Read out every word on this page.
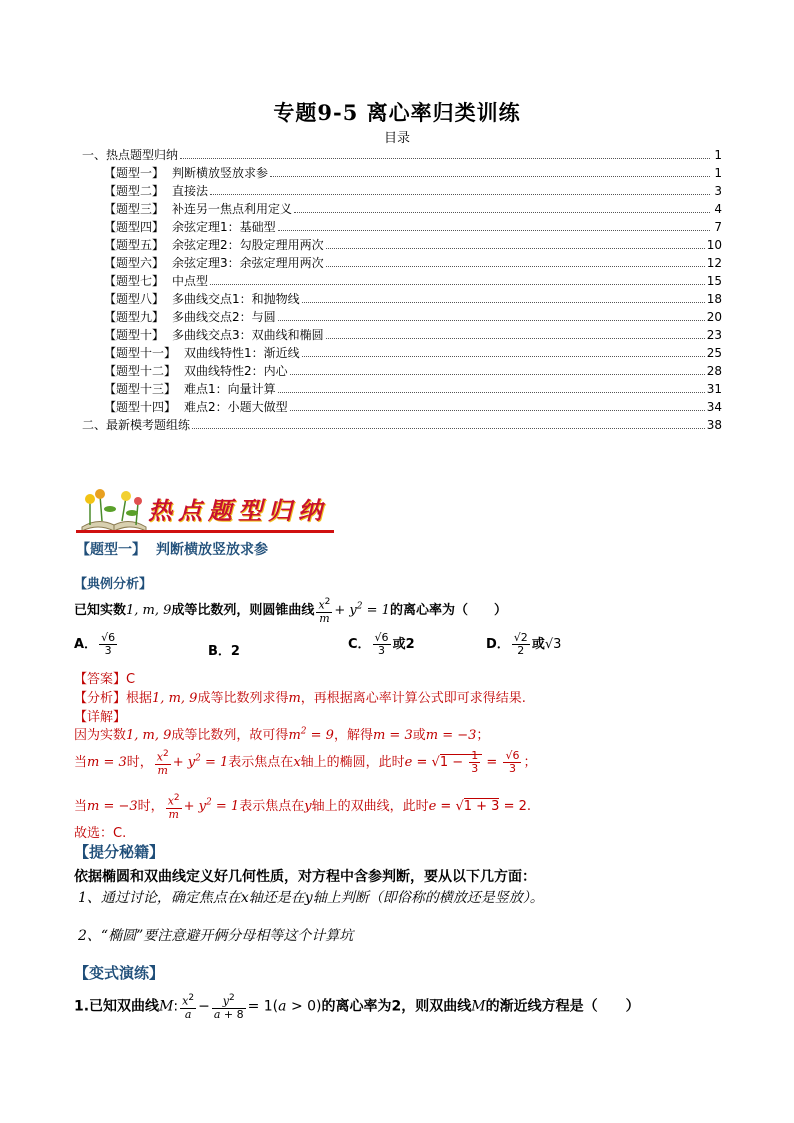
专题9-5 离心率归类训练
目录
一、热点题型归纳	1
【题型一】 判断横放竖放求参	1
【题型二】 直接法	3
【题型三】 补连另一焦点利用定义	4
【题型四】 余弦定理1：基础型	7
【题型五】 余弦定理2：勾股定理用两次	10
【题型六】 余弦定理3：余弦定理用两次	12
【题型七】 中点型	15
【题型八】 多曲线交点1：和抛物线	18
【题型九】 多曲线交点2：与圆	20
【题型十】 多曲线交点3：双曲线和椭圆	23
【题型十一】 双曲线特性1：渐近线	25
【题型十二】 双曲线特性2：内心	28
【题型十三】 难点1：向量计算	31
【题型十四】 难点2：小题大做型	34
二、最新模考题组练	38
热点题型归纳
【题型一】 判断横放竖放求参
【典例分析】
已知实数1, m, 9成等比数列，则圆锥曲线 $\frac{x^2}{m} + y^2 = 1$的离心率为（　　）
A． $\frac{√6}{3}$	B．2	C． $\frac{√6}{3}$ 或2	D． $\frac{√2}{2}$ 或√3
【答案】C
【分析】根据1, m, 9成等比数列求得m，再根据离心率计算公式即可求得结果.
【详解】
因为实数1, m, 9成等比数列，故可得$m^2 = 9$，解得m = 3或m = −3；
当m = 3时， $\frac{x^2}{m} + y^2 = 1$表示焦点在x轴上的椭圆，此时$e = √1 - \frac{1}{3} = \frac{√6}{3}$ ；
当m = −3时， $\frac{x^2}{m} + y^2 = 1$表示焦点在y轴上的双曲线，此时e = √1 + 3 = 2.
故选：C.
【提分秘籍】
依据椭圆和双曲线定义好几何性质，对方程中含参判断，要从以下几方面：
1、通过讨论，确定焦点在x轴还是在y轴上判断（即俗称的横放还是竖放）。
2、“椭圆”要注意避开俩分母相等这个计算坑
【变式演练】
1.已知双曲线M: $\frac{x^2}{a} - \frac{y^2}{a + 8} = 1(a > 0)$的离心率为2，则双曲线M的渐近线方程是（　　）
